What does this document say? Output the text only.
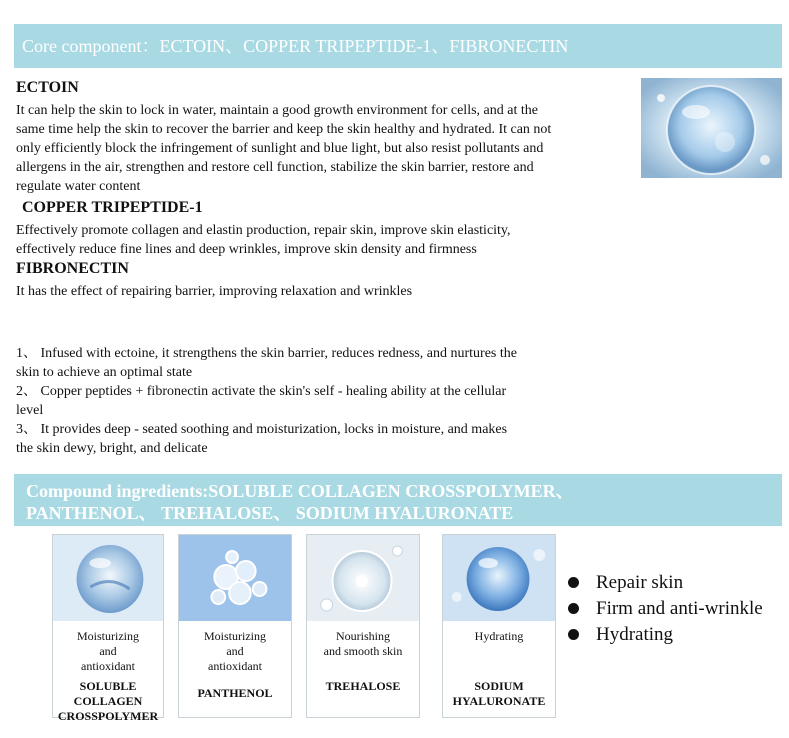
Core component：ECTOIN、COPPER TRIPEPTIDE-1、FIBRONECTIN
ECTOIN
It can help the skin to lock in water, maintain a good growth environment for cells, and at the
same time help the skin to recover the barrier and keep the skin healthy and hydrated. It can not
only efficiently block the infringement of sunlight and blue light, but also resist pollutants and
allergens in the air, strengthen and restore cell function, stabilize the skin barrier, restore and
regulate water content
COPPER TRIPEPTIDE-1
Effectively promote collagen and elastin production, repair skin, improve skin elasticity,
effectively reduce fine lines and deep wrinkles, improve skin density and firmness
FIBRONECTIN
It has the effect of repairing barrier, improving relaxation and wrinkles
1、 Infused with ectoine, it strengthens the skin barrier, reduces redness, and nurtures the
skin to achieve an optimal state
2、 Copper peptides + fibronectin activate the skin's self - healing ability at the cellular
level
3、 It provides deep - seated soothing and moisturization, locks in moisture, and makes
the skin dewy, bright, and delicate
Compound ingredients:SOLUBLE COLLAGEN CROSSPOLYMER、
PANTHENOL、 TREHALOSE、 SODIUM HYALURONATE
Moisturizing
and
antioxidant
SOLUBLE
COLLAGEN
CROSSPOLYMER
Moisturizing
and
antioxidant
PANTHENOL
Nourishing
and smooth skin
TREHALOSE
Hydrating
SODIUM
HYALURONATE
Repair skin
Firm and anti-wrinkle
Hydrating
